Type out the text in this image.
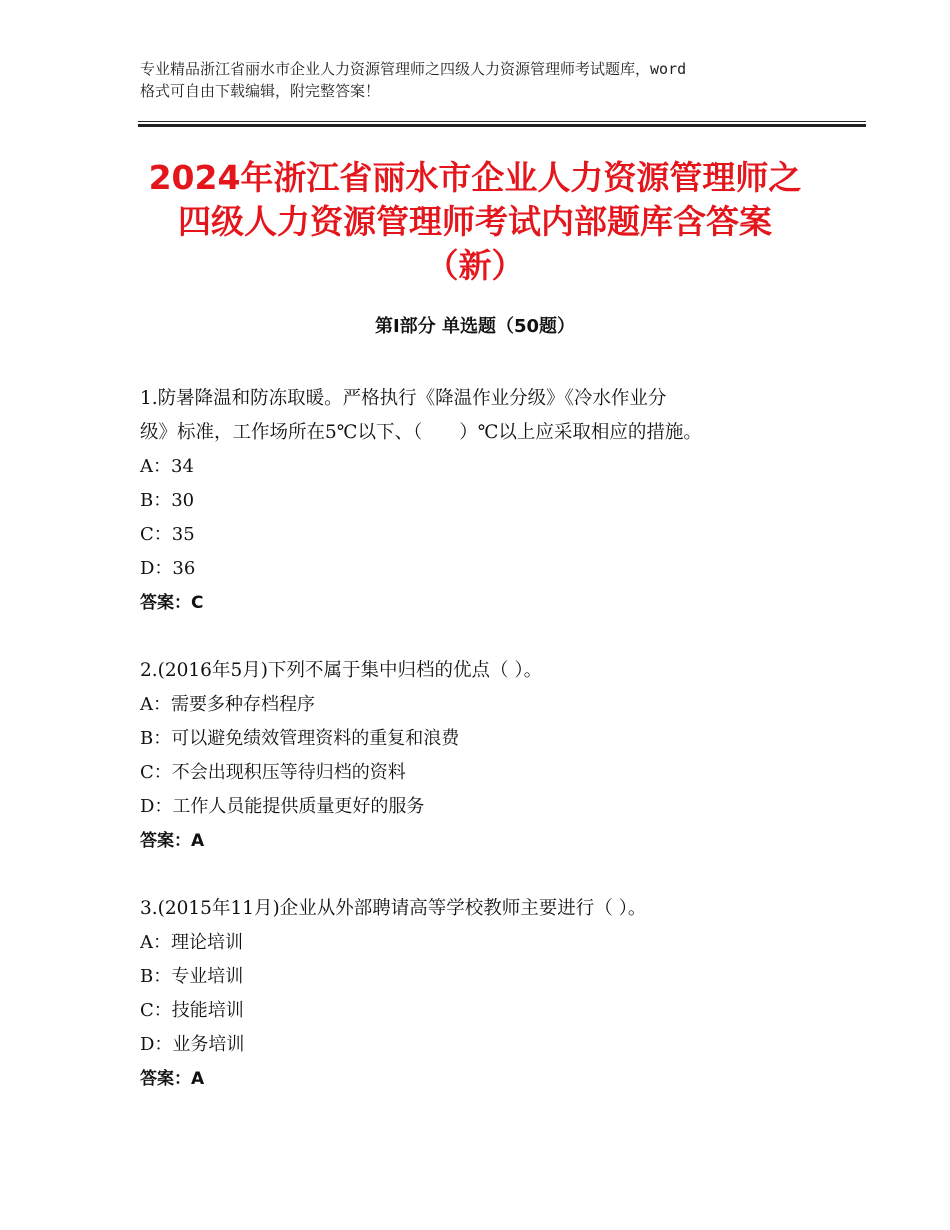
专业精品浙江省丽水市企业人力资源管理师之四级人力资源管理师考试题库，word
格式可自由下载编辑，附完整答案！
2024年浙江省丽水市企业人力资源管理师之
四级人力资源管理师考试内部题库含答案
（新）
第Ⅰ部分 单选题（50题）

1.防暑降温和防冻取暖。严格执行《降温作业分级》《冷水作业分

级》标准，工作场所在5℃以下、（　　）℃以上应采取相应的措施。

A：34

B：30

C：35

D：36

答案：C

2.(2016年5月)下列不属于集中归档的优点（ ）。

A：需要多种存档程序

B：可以避免绩效管理资料的重复和浪费

C：不会出现积压等待归档的资料

D：工作人员能提供质量更好的服务

答案：A

3.(2015年11月)企业从外部聘请高等学校教师主要进行（ ）。

A：理论培训

B：专业培训

C：技能培训

D：业务培训

答案：A
